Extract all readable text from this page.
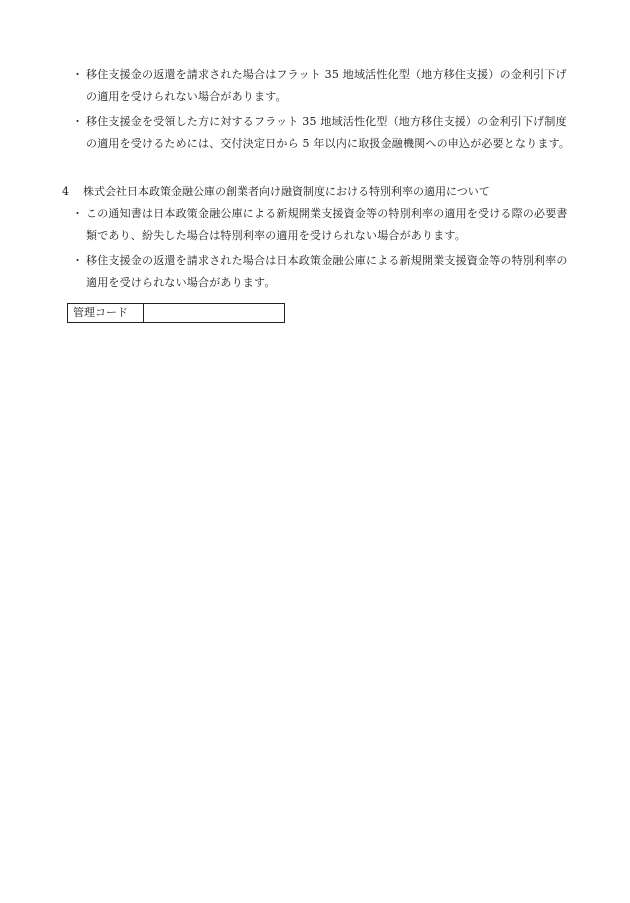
・ 移住支援金の返還を請求された場合はフラット 35 地域活性化型（地方移住支援）の金利引下げの適用を受けられない場合があります。
・ 移住支援金を受領した方に対するフラット 35 地域活性化型（地方移住支援）の金利引下げ制度の適用を受けるためには、交付決定日から 5 年以内に取扱金融機関への申込が必要となります。
4 株式会社日本政策金融公庫の創業者向け融資制度における特別利率の適用について
・ この通知書は日本政策金融公庫による新規開業支援資金等の特別利率の適用を受ける際の必要書類であり、紛失した場合は特別利率の適用を受けられない場合があります。
・ 移住支援金の返還を請求された場合は日本政策金融公庫による新規開業支援資金等の特別利率の適用を受けられない場合があります。
管理コード	
